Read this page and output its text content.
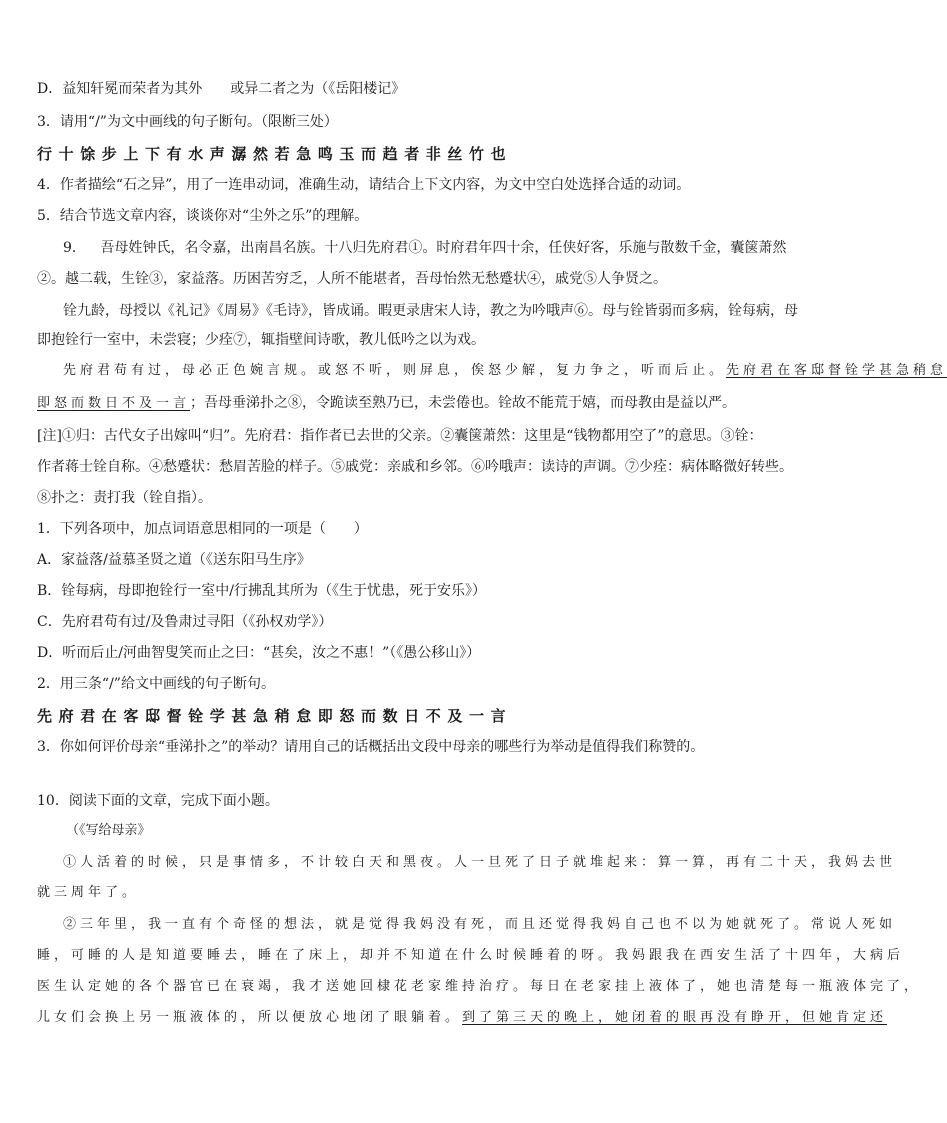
D．益知轩冕而荣者为其外　　或异二者之为（《岳阳楼记》
3．请用“/”为文中画线的句子断句。（限断三处）
行十馀步上下有水声潺然若急鸣玉而趋者非丝竹也
4．作者描绘“石之异”，用了一连串动词，准确生动，请结合上下文内容，为文中空白处选择合适的动词。
5．结合节选文章内容，谈谈你对“尘外之乐”的理解。
9. 吾母姓钟氏，名令嘉，出南昌名族。十八归先府君①。时府君年四十余，任侠好客，乐施与散数千金，囊箧萧然
②。越二载，生铨③，家益落。历困苦穷乏，人所不能堪者，吾母怡然无愁蹙状④，戚党⑤人争贤之。
铨九龄，母授以《礼记》《周易》《毛诗》，皆成诵。暇更录唐宋人诗，教之为吟哦声⑥。母与铨皆弱而多病，铨每病，母
即抱铨行一室中，未尝寝；少痊⑦，辄指壁间诗歌，教儿低吟之以为戏。
先府君苟有过，母必正色婉言规。或怒不听，则屏息，俟怒少解，复力争之，听而后止。先府君在客邸督铨学甚急稍怠
即怒而数日不及一言；吾母垂涕扑之⑧，令跪读至熟乃已，未尝倦也。铨故不能荒于嬉，而母教由是益以严。
[注]①归：古代女子出嫁叫“归”。先府君：指作者已去世的父亲。②囊箧萧然：这里是“钱物都用空了”的意思。③铨：
作者蒋士铨自称。④愁蹙状：愁眉苦脸的样子。⑤戚党：亲戚和乡邻。⑥吟哦声：读诗的声调。⑦少痊：病体略微好转些。
⑧扑之：责打我（铨自指）。
1．下列各项中，加点词语意思相同的一项是（　　）
A．家益落/益慕圣贤之道（《送东阳马生序》
B．铨每病，母即抱铨行一室中/行拂乱其所为（《生于忧患，死于安乐》）
C．先府君苟有过/及鲁肃过寻阳（《孙权劝学》）
D．听而后止/河曲智叟笑而止之曰：“甚矣，汝之不惠！”（《愚公移山》）
2．用三条“/”给文中画线的句子断句。
先府君在客邸督铨学甚急稍怠即怒而数日不及一言
3．你如何评价母亲“垂涕扑之”的举动？请用自己的话概括出文段中母亲的哪些行为举动是值得我们称赞的。
10．阅读下面的文章，完成下面小题。
（《写给母亲》
①人活着的时候，只是事情多，不计较白天和黑夜。人一旦死了日子就堆起来：算一算，再有二十天，我妈去世
就三周年了。
②三年里，我一直有个奇怪的想法，就是觉得我妈没有死，而且还觉得我妈自己也不以为她就死了。常说人死如
睡，可睡的人是知道要睡去，睡在了床上，却并不知道在什么时候睡着的呀。我妈跟我在西安生活了十四年，大病后
医生认定她的各个器官已在衰竭，我才送她回棣花老家维持治疗。每日在老家挂上液体了，她也清楚每一瓶液体完了，
儿女们会换上另一瓶液体的，所以便放心地闭了眼躺着。到了第三天的晚上，她闭着的眼再没有睁开，但她肯定还
